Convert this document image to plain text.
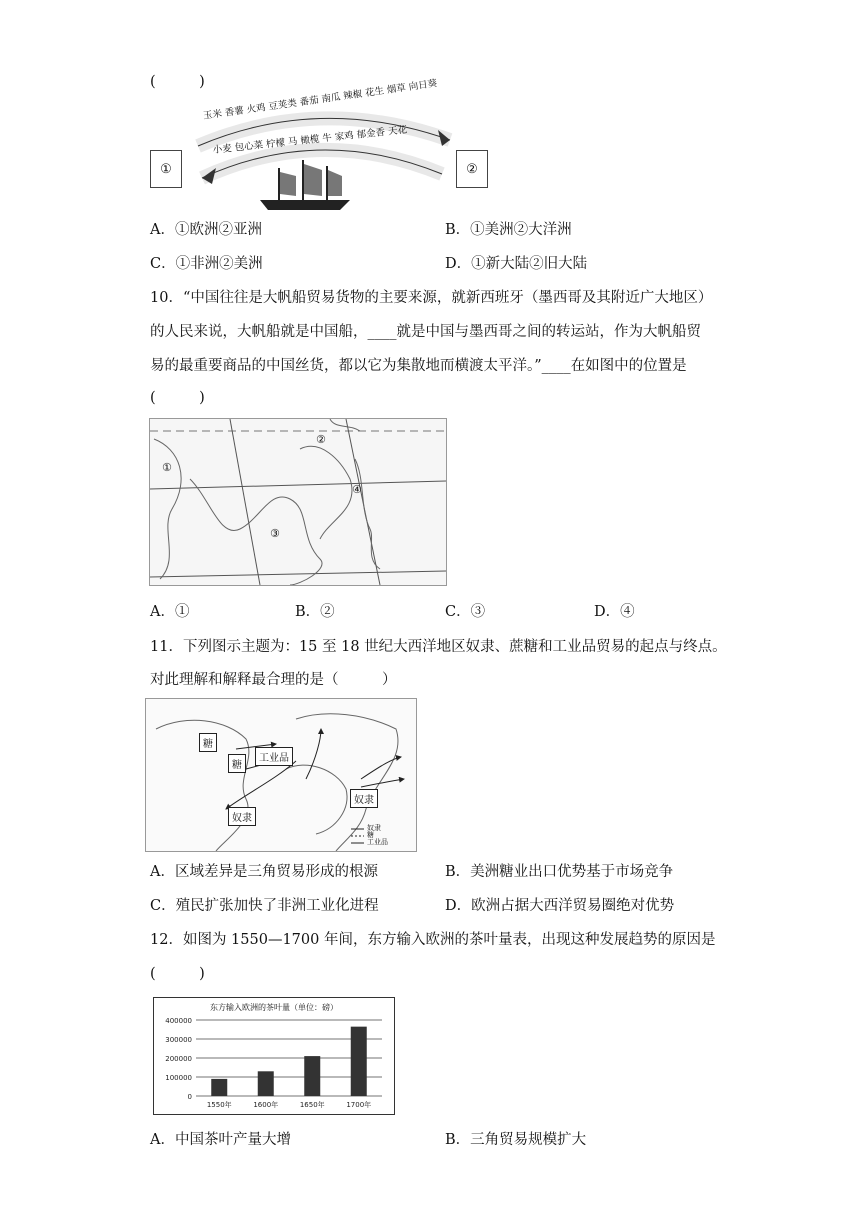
(　　　)
①	②
玉米 香薯 火鸡 豆荚类 番茄 南瓜 辣椒 花生 烟草 向日葵
小麦 包心菜 柠檬 马 橄榄 牛 家鸡 郁金香 天花
A．①欧洲②亚洲	B．①美洲②大洋洲
C．①非洲②美洲	D．①新大陆②旧大陆
10．“中国往往是大帆船贸易货物的主要来源，就新西班牙（墨西哥及其附近广大地区）
的人民来说，大帆船就是中国船，____就是中国与墨西哥之间的转运站，作为大帆船贸
易的最重要商品的中国丝货，都以它为集散地而横渡太平洋。”____在如图中的位置是
(　　　)
①
②
③
④
A．①	B．②	C．③	D．④
11．下列图示主题为：15 至 18 世纪大西洋地区奴隶、蔗糖和工业品贸易的起点与终点。
对此理解和解释最合理的是（　　　）
糖
糖
工业品
奴隶
奴隶
奴隶
糖
工业品
A．区域差异是三角贸易形成的根源	B．美洲糖业出口优势基于市场竞争
C．殖民扩张加快了非洲工业化进程	D．欧洲占据大西洋贸易圈绝对优势
12．如图为 1550—1700 年间，东方输入欧洲的茶叶量表，出现这种发展趋势的原因是
(　　　)
东方输入欧洲的茶叶量（单位：磅）
400000
300000
200000
100000
0
1550年	1600年	1650年	1700年
A．中国茶叶产量大增	B．三角贸易规模扩大
